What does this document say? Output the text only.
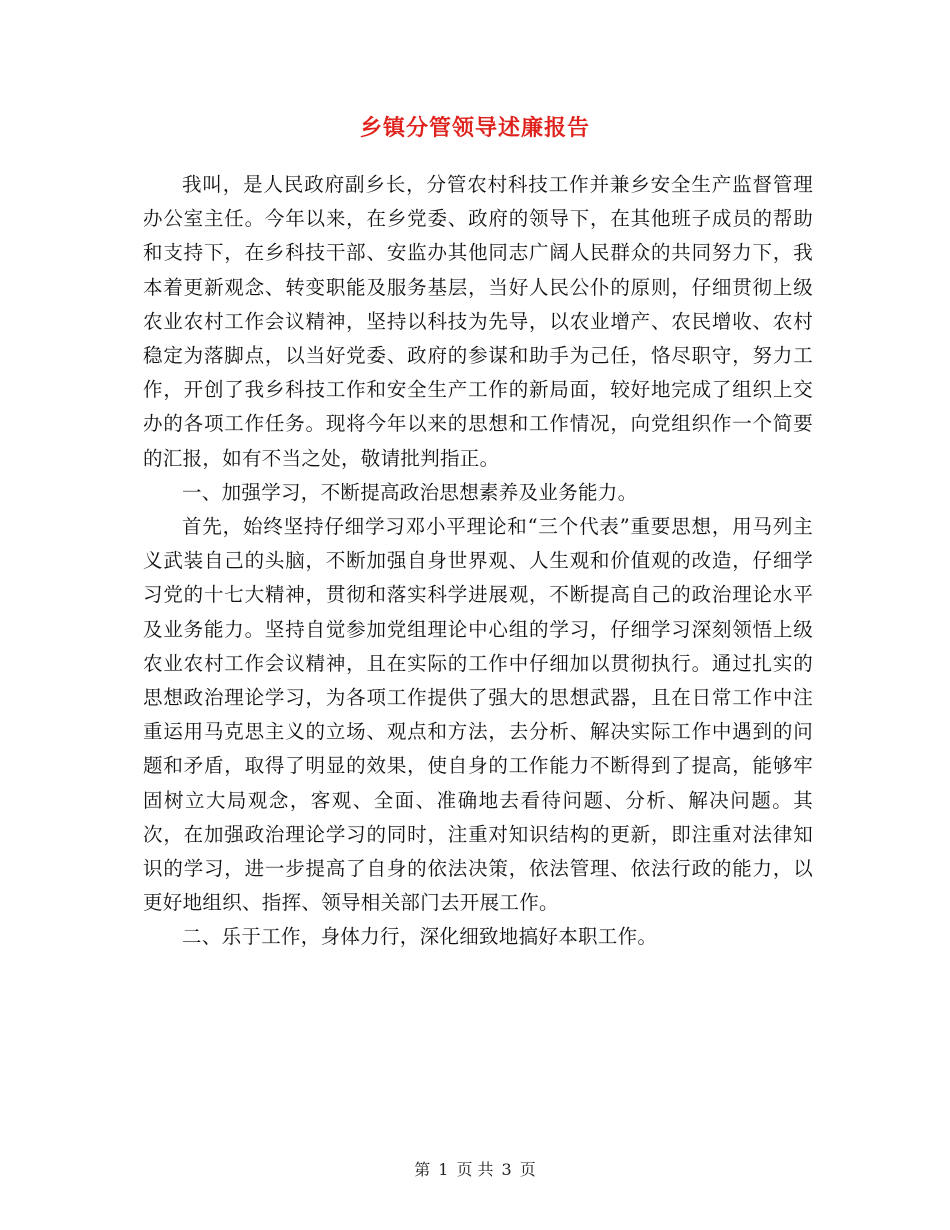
乡镇分管领导述廉报告

我叫，是人民政府副乡长，分管农村科技工作并兼乡安全生产监督管理办公室主任。今年以来，在乡党委、政府的领导下，在其他班子成员的帮助和支持下，在乡科技干部、安监办其他同志广阔人民群众的共同努力下，我本着更新观念、转变职能及服务基层，当好人民公仆的原则，仔细贯彻上级农业农村工作会议精神，坚持以科技为先导，以农业增产、农民增收、农村稳定为落脚点，以当好党委、政府的参谋和助手为己任，恪尽职守，努力工作，开创了我乡科技工作和安全生产工作的新局面，较好地完成了组织上交办的各项工作任务。现将今年以来的思想和工作情况，向党组织作一个简要的汇报，如有不当之处，敬请批判指正。

一、加强学习，不断提高政治思想素养及业务能力。

首先，始终坚持仔细学习邓小平理论和“三个代表”重要思想，用马列主义武装自己的头脑，不断加强自身世界观、人生观和价值观的改造，仔细学习党的十七大精神，贯彻和落实科学进展观，不断提高自己的政治理论水平及业务能力。坚持自觉参加党组理论中心组的学习，仔细学习深刻领悟上级农业农村工作会议精神，且在实际的工作中仔细加以贯彻执行。通过扎实的思想政治理论学习，为各项工作提供了强大的思想武器，且在日常工作中注重运用马克思主义的立场、观点和方法，去分析、解决实际工作中遇到的问题和矛盾，取得了明显的效果，使自身的工作能力不断得到了提高，能够牢固树立大局观念，客观、全面、准确地去看待问题、分析、解决问题。其次，在加强政治理论学习的同时，注重对知识结构的更新，即注重对法律知识的学习，进一步提高了自身的依法决策，依法管理、依法行政的能力，以更好地组织、指挥、领导相关部门去开展工作。

二、乐于工作，身体力行，深化细致地搞好本职工作。

第 1 页 共 3 页
